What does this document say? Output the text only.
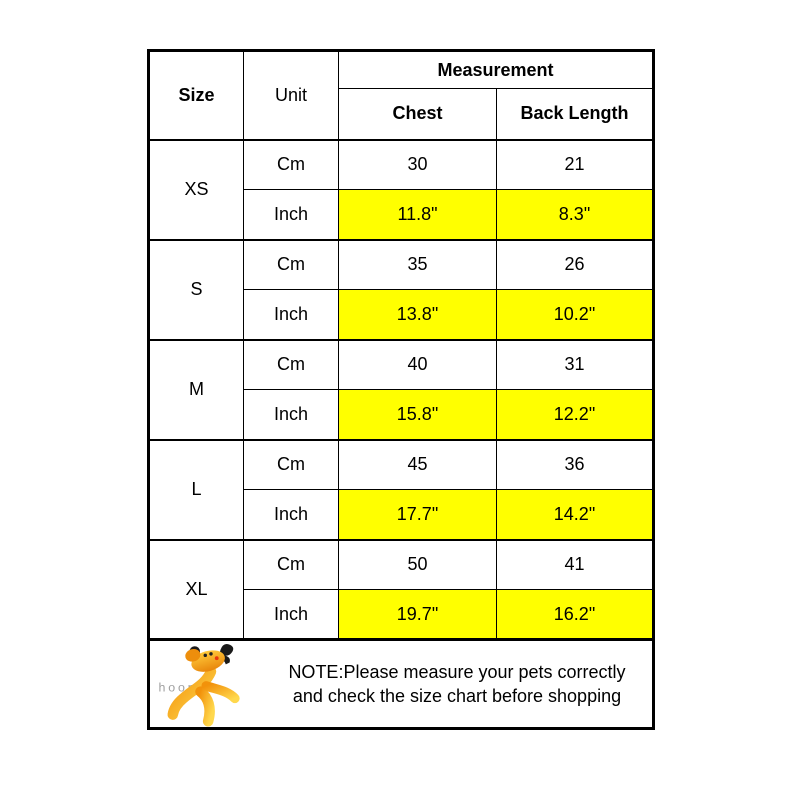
Size	Unit	Measurement	
		Chest	Back Length
XS	Cm	30	21
	Inch	11.8"	8.3"
S	Cm	35	26
	Inch	13.8"	10.2"
M	Cm	40	31
	Inch	15.8"	12.2"
L	Cm	45	36
	Inch	17.7"	14.2"
XL	Cm	50	41
	Inch	19.7"	16.2"

hoopet
NOTE:Please measure your pets correctly
and check the size chart before shopping			
